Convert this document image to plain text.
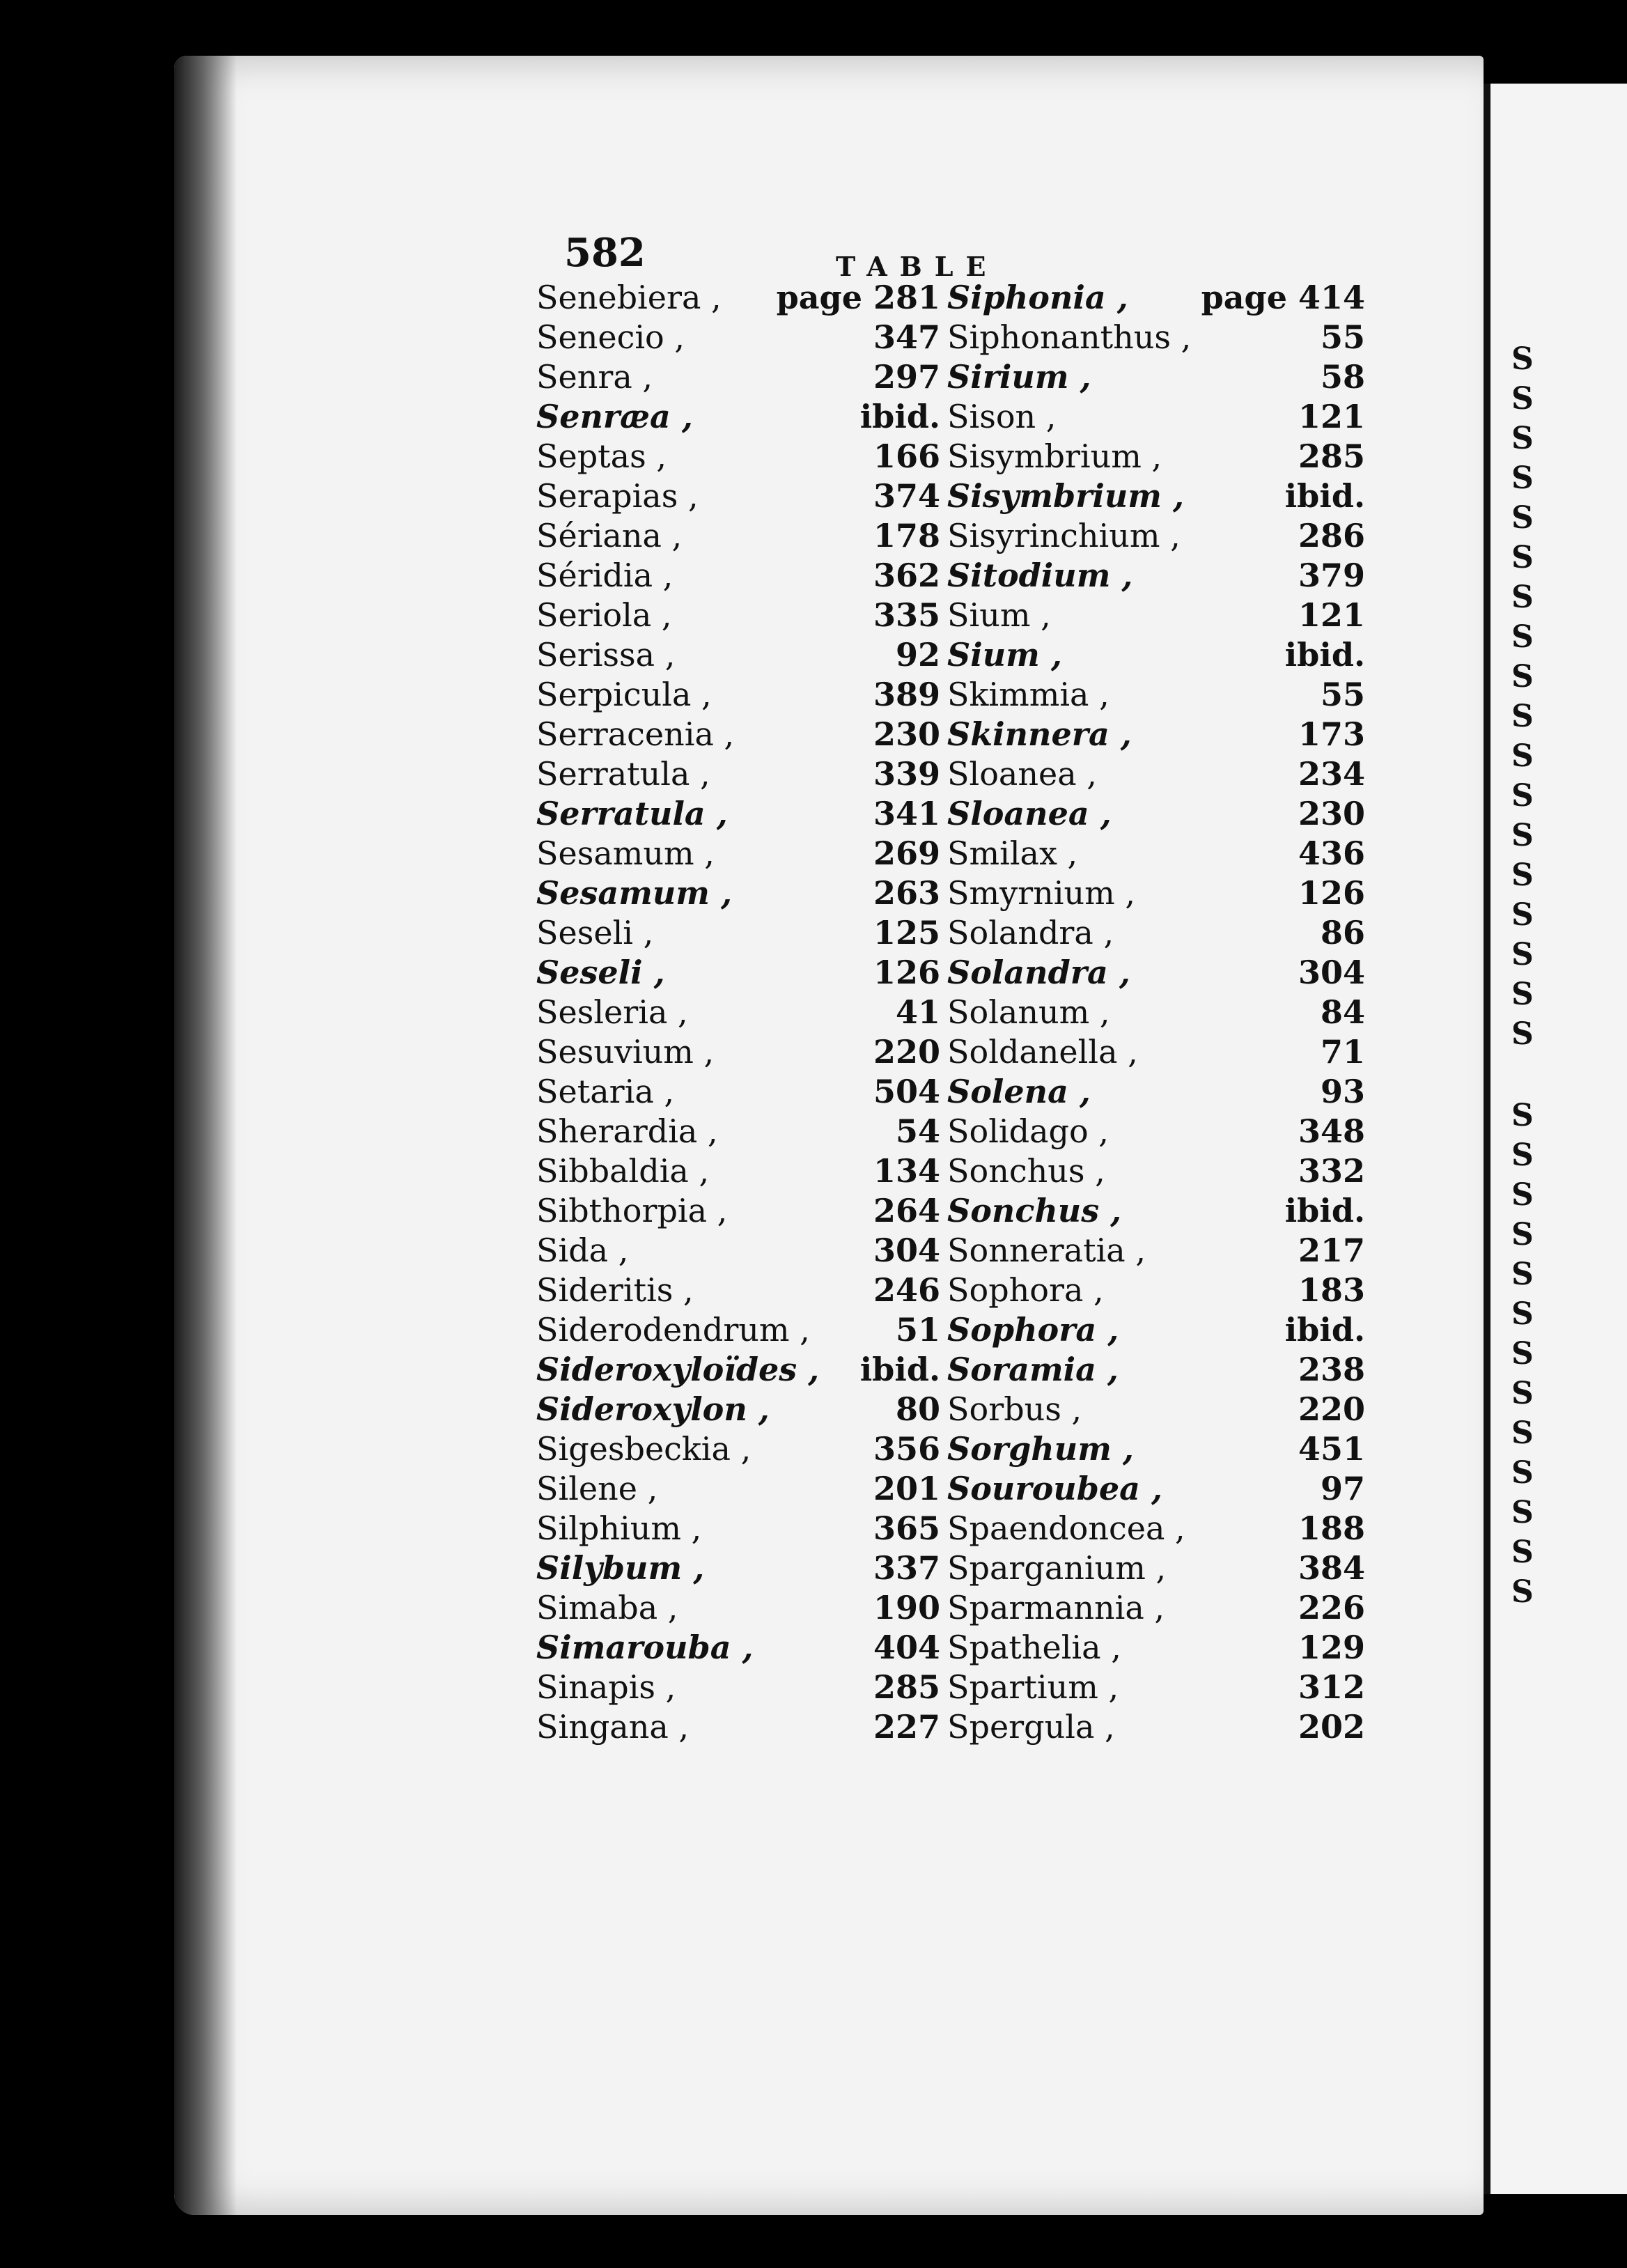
S
S
S
S
S
S
S
S
S
S
S
S
S
S
S
S
S
S
S
S
S
S
S
S
S
S
S
S
S
S
S
582	TABLE
Senebiera , page 281
Senecio ,	347
Senra ,	297
Senræa ,	ibid.
Septas ,	166
Serapias ,	374
Sériana ,	178
Séridia ,	362
Seriola ,	335
Serissa ,	92
Serpicula ,	389
Serracenia ,	230
Serratula ,	339
Serratula ,	341
Sesamum ,	269
Sesamum ,	263
Seseli ,	125
Seseli ,	126
Sesleria ,	41
Sesuvium ,	220
Setaria ,	504
Sherardia ,	54
Sibbaldia ,	134
Sibthorpia ,	264
Sida ,	304
Sideritis ,	246
Siderodendrum ,	51
Sideroxyloïdes , ibid.
Sideroxylon ,	80
Sigesbeckia ,	356
Silene ,	201
Silphium ,	365
Silybum ,	337
Simaba ,	190
Simarouba ,	404
Sinapis ,	285
Singana ,	227
Siphonia , page 414
Siphonanthus ,	55
Sirium ,	58
Sison ,	121
Sisymbrium ,	285
Sisymbrium ,	ibid.
Sisyrinchium ,	286
Sitodium ,	379
Sium ,	121
Sium ,	ibid.
Skimmia ,	55
Skinnera ,	173
Sloanea ,	234
Sloanea ,	230
Smilax ,	436
Smyrnium ,	126
Solandra ,	86
Solandra ,	304
Solanum ,	84
Soldanella ,	71
Solena ,	93
Solidago ,	348
Sonchus ,	332
Sonchus ,	ibid.
Sonneratia ,	217
Sophora ,	183
Sophora ,	ibid.
Soramia ,	238
Sorbus ,	220
Sorghum ,	451
Souroubea ,	97
Spaendoncea ,	188
Sparganium ,	384
Sparmannia ,	226
Spathelia ,	129
Spartium ,	312
Spergula ,	202
